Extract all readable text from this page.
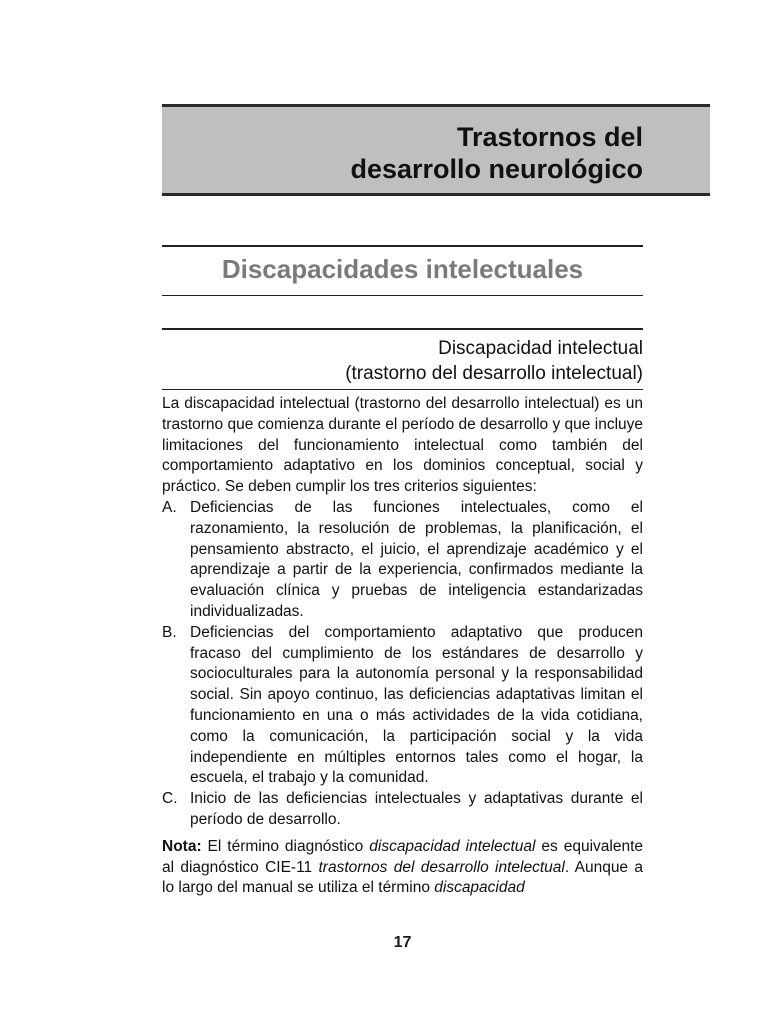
Trastornos del
desarrollo neurológico
Discapacidades intelectuales
Discapacidad intelectual
(trastorno del desarrollo intelectual)

La discapacidad intelectual (trastorno del desarrollo intelectual) es un trastorno que comienza durante el período de desarrollo y que incluye limitaciones del funcionamiento intelectual como también del comportamiento adaptativo en los dominios conceptual, social y práctico. Se deben cumplir los tres criterios siguientes:

A. Deficiencias de las funciones intelectuales, como el razonamiento, la resolución de problemas, la planificación, el pensamiento abstracto, el juicio, el aprendizaje académico y el aprendizaje a partir de la experiencia, confirmados mediante la evaluación clínica y pruebas de inteligencia estandarizadas individualizadas.
B. Deficiencias del comportamiento adaptativo que producen fracaso del cumplimiento de los estándares de desarrollo y socioculturales para la autonomía personal y la responsabilidad social. Sin apoyo continuo, las deficiencias adaptativas limitan el funcionamiento en una o más actividades de la vida cotidiana, como la comunicación, la participación social y la vida independiente en múltiples entornos tales como el hogar, la escuela, el trabajo y la comunidad.
C. Inicio de las deficiencias intelectuales y adaptativas durante el período de desarrollo.

Nota: El término diagnóstico discapacidad intelectual es equivalente al diagnóstico CIE-11 trastornos del desarrollo intelectual. Aunque a lo largo del manual se utiliza el término discapacidad

17
